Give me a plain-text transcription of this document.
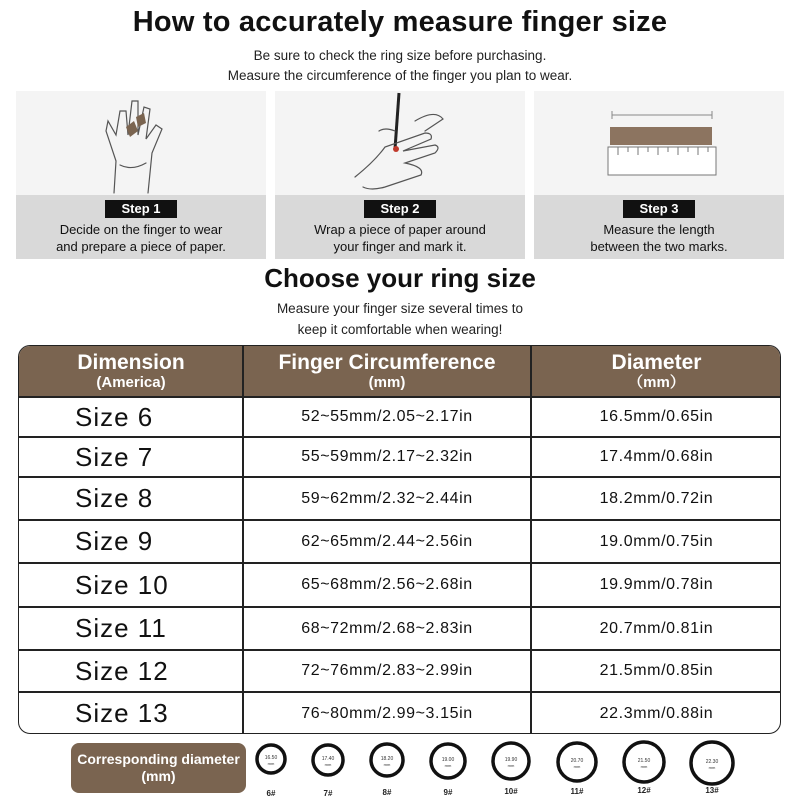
How to accurately measure finger size
Be sure to check the ring size before purchasing.
Measure the circumference of the finger you plan to wear.
Step 1
Decide on the finger to wear
and prepare a piece of paper.
Step 2
Wrap a piece of paper around
your finger and mark it.
Step 3
Measure the length
between the two marks.
Choose your ring size
Measure your finger size several times to
keep it comfortable when wearing!
Dimension
(America)
Finger Circumference
(mm)
Diameter
（mm）
Size 6	52~55mm/2.05~2.17in	16.5mm/0.65in
Size 7	55~59mm/2.17~2.32in	17.4mm/0.68in
Size 8	59~62mm/2.32~2.44in	18.2mm/0.72in
Size 9	62~65mm/2.44~2.56in	19.0mm/0.75in
Size 10	65~68mm/2.56~2.68in	19.9mm/0.78in
Size 11	68~72mm/2.68~2.83in	20.7mm/0.81in
Size 12	72~76mm/2.83~2.99in	21.5mm/0.85in
Size 13	76~80mm/2.99~3.15in	22.3mm/0.88in
Corresponding diameter
(mm)
16.50
mm
6#
17.40
mm
7#
18.20
mm
8#
19.00
mm
9#
19.90
mm
10#
20.70
mm
11#
21.50
mm
12#
22.30
mm
13#
